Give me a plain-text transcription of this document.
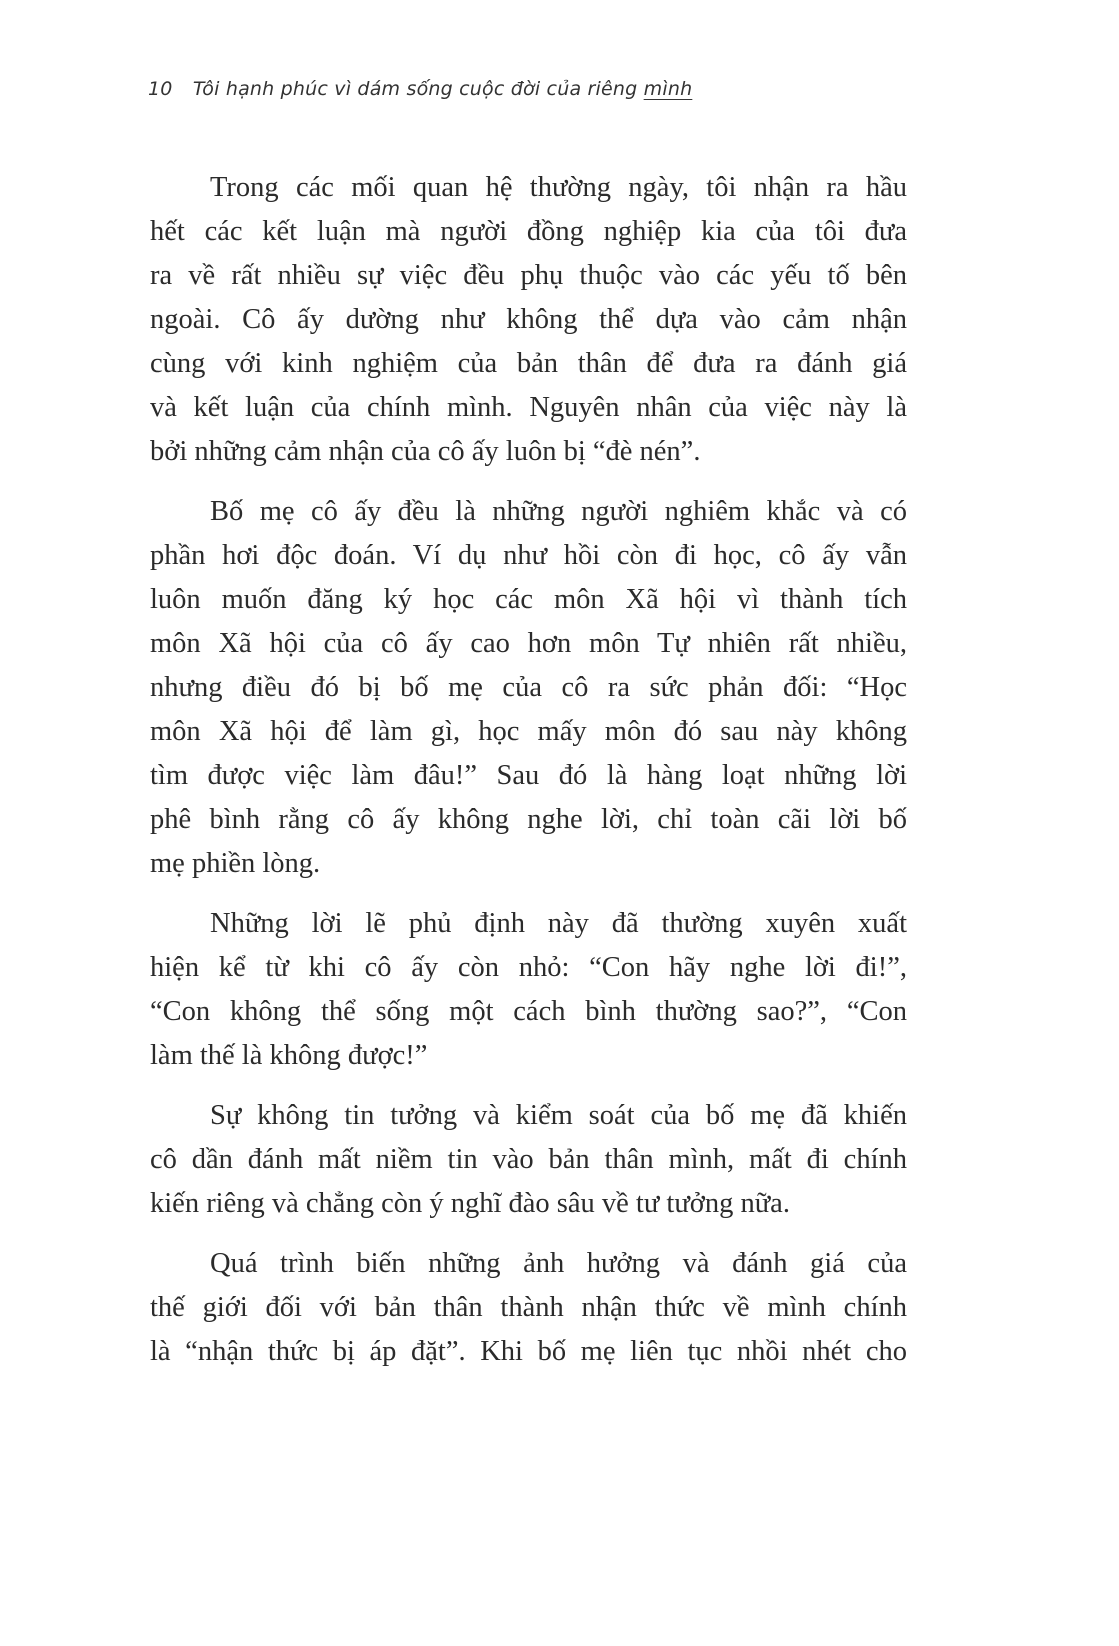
10 Tôi hạnh phúc vì dám sống cuộc đời của riêng mình
Trong các mối quan hệ thường ngày, tôi nhận ra hầu
hết các kết luận mà người đồng nghiệp kia của tôi đưa
ra về rất nhiều sự việc đều phụ thuộc vào các yếu tố bên
ngoài. Cô ấy dường như không thể dựa vào cảm nhận
cùng với kinh nghiệm của bản thân để đưa ra đánh giá
và kết luận của chính mình. Nguyên nhân của việc này là
bởi những cảm nhận của cô ấy luôn bị “đè nén”.
Bố mẹ cô ấy đều là những người nghiêm khắc và có
phần hơi độc đoán. Ví dụ như hồi còn đi học, cô ấy vẫn
luôn muốn đăng ký học các môn Xã hội vì thành tích
môn Xã hội của cô ấy cao hơn môn Tự nhiên rất nhiều,
nhưng điều đó bị bố mẹ của cô ra sức phản đối: “Học
môn Xã hội để làm gì, học mấy môn đó sau này không
tìm được việc làm đâu!” Sau đó là hàng loạt những lời
phê bình rằng cô ấy không nghe lời, chỉ toàn cãi lời bố
mẹ phiền lòng.
Những lời lẽ phủ định này đã thường xuyên xuất
hiện kể từ khi cô ấy còn nhỏ: “Con hãy nghe lời đi!”,
“Con không thể sống một cách bình thường sao?”, “Con
làm thế là không được!”
Sự không tin tưởng và kiểm soát của bố mẹ đã khiến
cô dần đánh mất niềm tin vào bản thân mình, mất đi chính
kiến riêng và chẳng còn ý nghĩ đào sâu về tư tưởng nữa.
Quá trình biến những ảnh hưởng và đánh giá của
thế giới đối với bản thân thành nhận thức về mình chính
là “nhận thức bị áp đặt”. Khi bố mẹ liên tục nhồi nhét cho
